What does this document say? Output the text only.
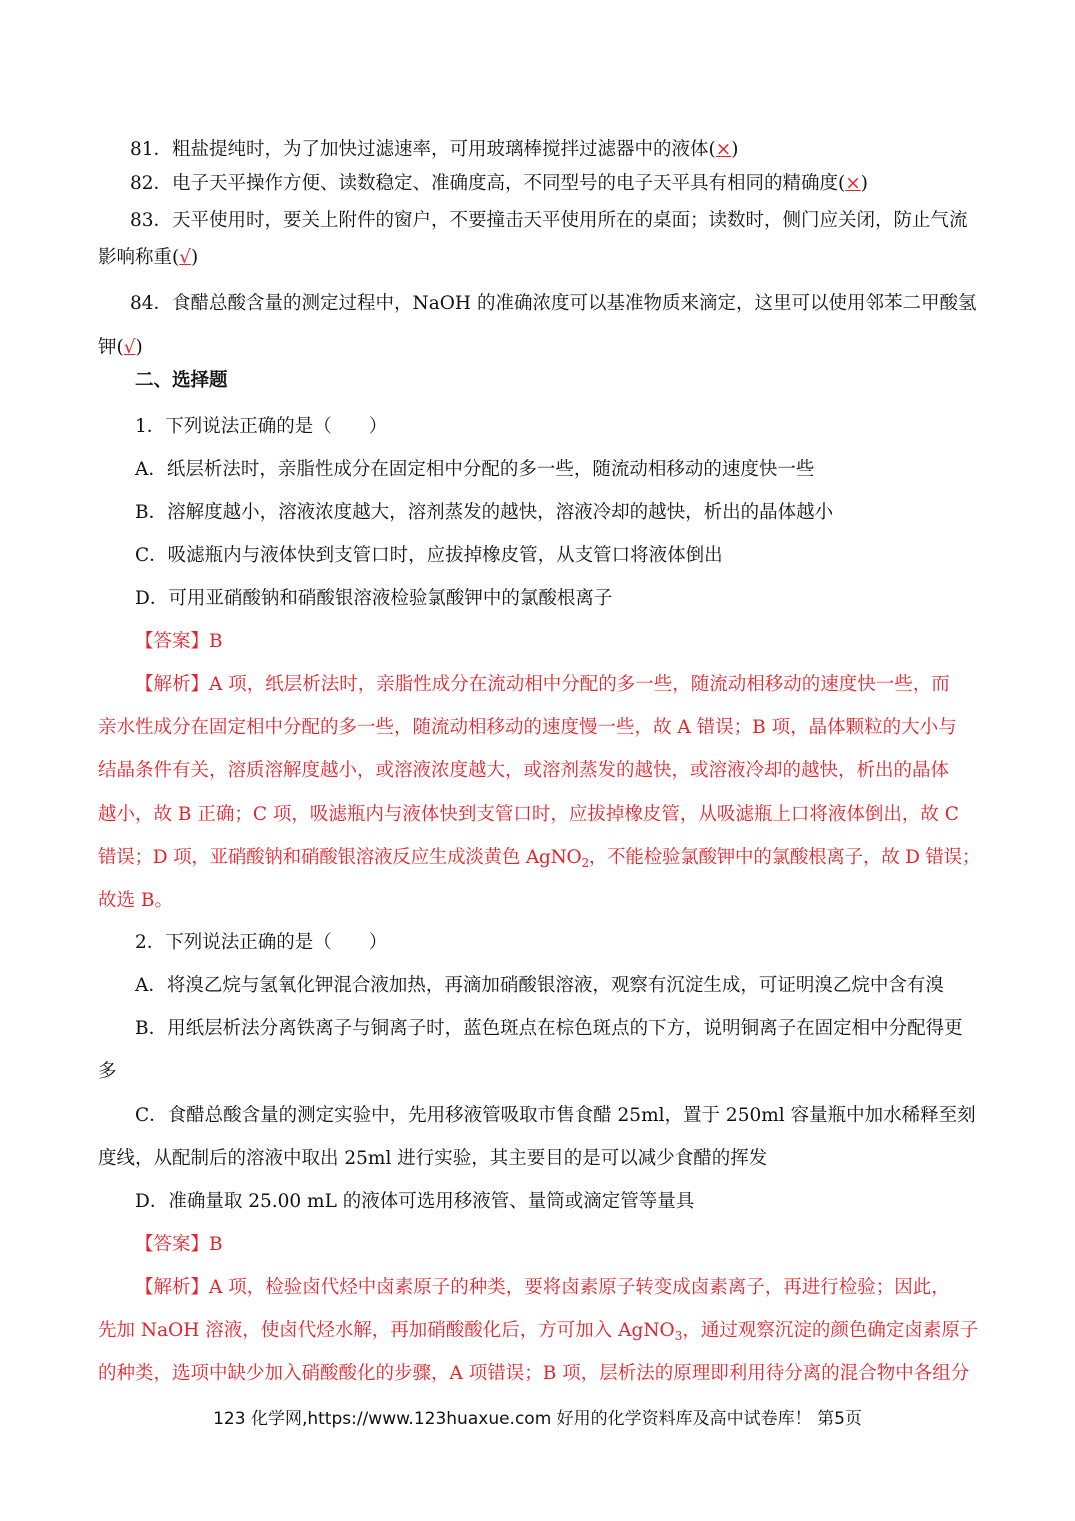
81．粗盐提纯时，为了加快过滤速率，可用玻璃棒搅拌过滤器中的液体(×)
82．电子天平操作方便、读数稳定、准确度高，不同型号的电子天平具有相同的精确度(×)
83．天平使用时，要关上附件的窗户，不要撞击天平使用所在的桌面；读数时，侧门应关闭，防止气流
影响称重(√)
84．食醋总酸含量的测定过程中，NaOH 的准确浓度可以基准物质来滴定，这里可以使用邻苯二甲酸氢
钾(√)
二、选择题
1．下列说法正确的是（　　）
A．纸层析法时，亲脂性成分在固定相中分配的多一些，随流动相移动的速度快一些
B．溶解度越小，溶液浓度越大，溶剂蒸发的越快，溶液冷却的越快，析出的晶体越小
C．吸滤瓶内与液体快到支管口时，应拔掉橡皮管，从支管口将液体倒出
D．可用亚硝酸钠和硝酸银溶液检验氯酸钾中的氯酸根离子
【答案】B
【解析】A 项，纸层析法时，亲脂性成分在流动相中分配的多一些，随流动相移动的速度快一些，而
亲水性成分在固定相中分配的多一些，随流动相移动的速度慢一些，故 A 错误；B 项，晶体颗粒的大小与
结晶条件有关，溶质溶解度越小，或溶液浓度越大，或溶剂蒸发的越快，或溶液冷却的越快，析出的晶体
越小，故 B 正确；C 项，吸滤瓶内与液体快到支管口时，应拔掉橡皮管，从吸滤瓶上口将液体倒出，故 C
错误；D 项，亚硝酸钠和硝酸银溶液反应生成淡黄色 AgNO$_2$，不能检验氯酸钾中的氯酸根离子，故 D 错误；
故选 B。
2．下列说法正确的是（　　）
A．将溴乙烷与氢氧化钾混合液加热，再滴加硝酸银溶液，观察有沉淀生成，可证明溴乙烷中含有溴
B．用纸层析法分离铁离子与铜离子时，蓝色斑点在棕色斑点的下方，说明铜离子在固定相中分配得更
多
C．食醋总酸含量的测定实验中，先用移液管吸取市售食醋 25ml，置于 250ml 容量瓶中加水稀释至刻
度线，从配制后的溶液中取出 25ml 进行实验，其主要目的是可以减少食醋的挥发
D．准确量取 25.00 mL 的液体可选用移液管、量筒或滴定管等量具
【答案】B
【解析】A 项，检验卤代烃中卤素原子的种类，要将卤素原子转变成卤素离子，再进行检验；因此，
先加 NaOH 溶液，使卤代烃水解，再加硝酸酸化后，方可加入 AgNO$_3$，通过观察沉淀的颜色确定卤素原子
的种类，选项中缺少加入硝酸酸化的步骤，A 项错误；B 项，层析法的原理即利用待分离的混合物中各组分
123 化学网,https://www.123huaxue.com 好用的化学资料库及高中试卷库！ 第5页
